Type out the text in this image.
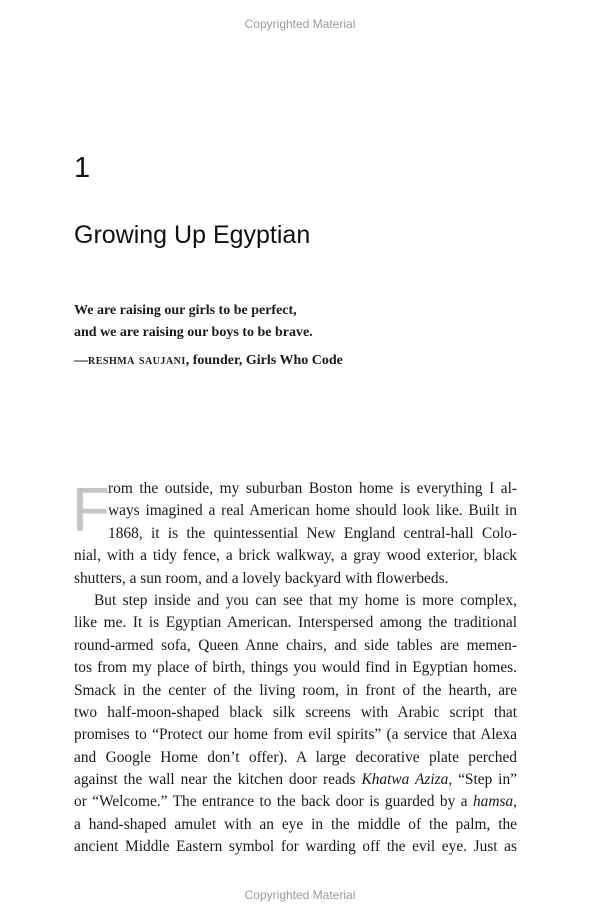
Copyrighted Material
1
Growing Up Egyptian
We are raising our girls to be perfect,
and we are raising our boys to be brave.
—reshma saujani, founder, Girls Who Code
F
rom the outside, my suburban Boston home is everything I al-
ways imagined a real American home should look like. Built in
1868, it is the quintessential New England central-hall Colo-
nial, with a tidy fence, a brick walkway, a gray wood exterior, black
shutters, a sun room, and a lovely backyard with flowerbeds.
But step inside and you can see that my home is more complex,
like me. It is Egyptian American. Interspersed among the traditional
round-armed sofa, Queen Anne chairs, and side tables are memen-
tos from my place of birth, things you would find in Egyptian homes.
Smack in the center of the living room, in front of the hearth, are
two half-moon-shaped black silk screens with Arabic script that
promises to “Protect our home from evil spirits” (a service that Alexa
and Google Home don’t offer). A large decorative plate perched
against the wall near the kitchen door reads Khatwa Aziza, “Step in”
or “Welcome.” The entrance to the back door is guarded by a hamsa,
a hand-shaped amulet with an eye in the middle of the palm, the
ancient Middle Eastern symbol for warding off the evil eye. Just as
Copyrighted Material
